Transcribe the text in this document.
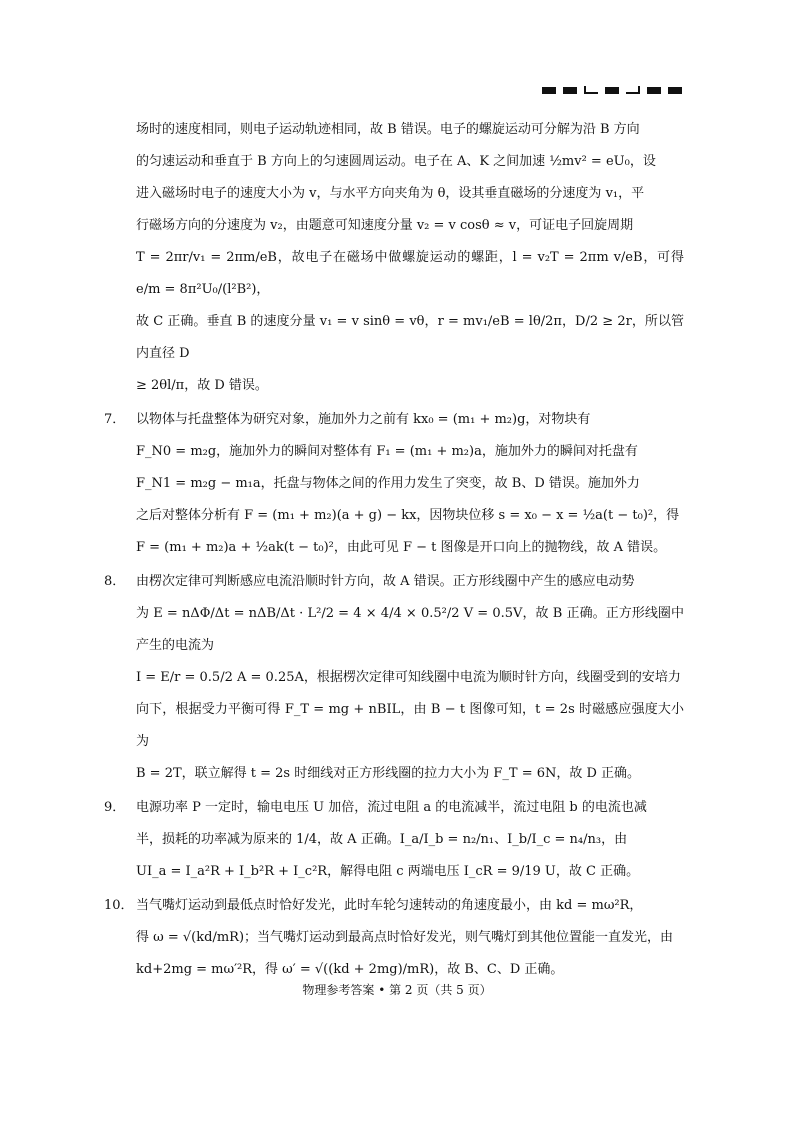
场时的速度相同，则电子运动轨迹相同，故 B 错误。电子的螺旋运动可分解为沿 B 方向
的匀速运动和垂直于 B 方向上的匀速圆周运动。电子在 A、K 之间加速 ½mv² = eU₀，设
进入磁场时电子的速度大小为 v，与水平方向夹角为 θ，设其垂直磁场的分速度为 v₁，平
行磁场方向的分速度为 v₂，由题意可知速度分量 v₂ = v cosθ ≈ v，可证电子回旋周期
T = 2πr/v₁ = 2πm/eB，故电子在磁场中做螺旋运动的螺距，l = v₂T = 2πm v/eB，可得 e/m = 8π²U₀/(l²B²)，
故 C 正确。垂直 B 的速度分量 v₁ = v sinθ = vθ，r = mv₁/eB = lθ/2π，D/2 ≥ 2r，所以管内直径 D
≥ 2θl/π，故 D 错误。
7． 以物体与托盘整体为研究对象，施加外力之前有 kx₀ = (m₁ + m₂)g，对物块有
F_N0 = m₂g，施加外力的瞬间对整体有 F₁ = (m₁ + m₂)a，施加外力的瞬间对托盘有
F_N1 = m₂g − m₁a，托盘与物体之间的作用力发生了突变，故 B、D 错误。施加外力
之后对整体分析有 F = (m₁ + m₂)(a + g) − kx，因物块位移 s = x₀ − x = ½a(t − t₀)²，得
F = (m₁ + m₂)a + ½ak(t − t₀)²，由此可见 F − t 图像是开口向上的抛物线，故 A 错误。
8． 由楞次定律可判断感应电流沿顺时针方向，故 A 错误。正方形线圈中产生的感应电动势
为 E = nΔΦ/Δt = nΔB/Δt · L²/2 = 4 × 4/4 × 0.5²/2 V = 0.5V，故 B 正确。正方形线圈中产生的电流为
I = E/r = 0.5/2 A = 0.25A，根据楞次定律可知线圈中电流为顺时针方向，线圈受到的安培力
向下，根据受力平衡可得 F_T = mg + nBIL，由 B − t 图像可知，t = 2s 时磁感应强度大小为
B = 2T，联立解得 t = 2s 时细线对正方形线圈的拉力大小为 F_T = 6N，故 D 正确。
9． 电源功率 P 一定时，输电电压 U 加倍，流过电阻 a 的电流减半，流过电阻 b 的电流也减
半，损耗的功率减为原来的 1/4，故 A 正确。I_a/I_b = n₂/n₁、I_b/I_c = n₄/n₃，由
UI_a = I_a²R + I_b²R + I_c²R，解得电阻 c 两端电压 I_cR = 9/19 U，故 C 正确。
10． 当气嘴灯运动到最低点时恰好发光，此时车轮匀速转动的角速度最小，由 kd = mω²R，
得 ω = √(kd/mR)；当气嘴灯运动到最高点时恰好发光，则气嘴灯到其他位置能一直发光，由
kd+2mg = mω′²R，得 ω′ = √((kd + 2mg)/mR)，故 B、C、D 正确。
物理参考答案 • 第 2 页（共 5 页）
